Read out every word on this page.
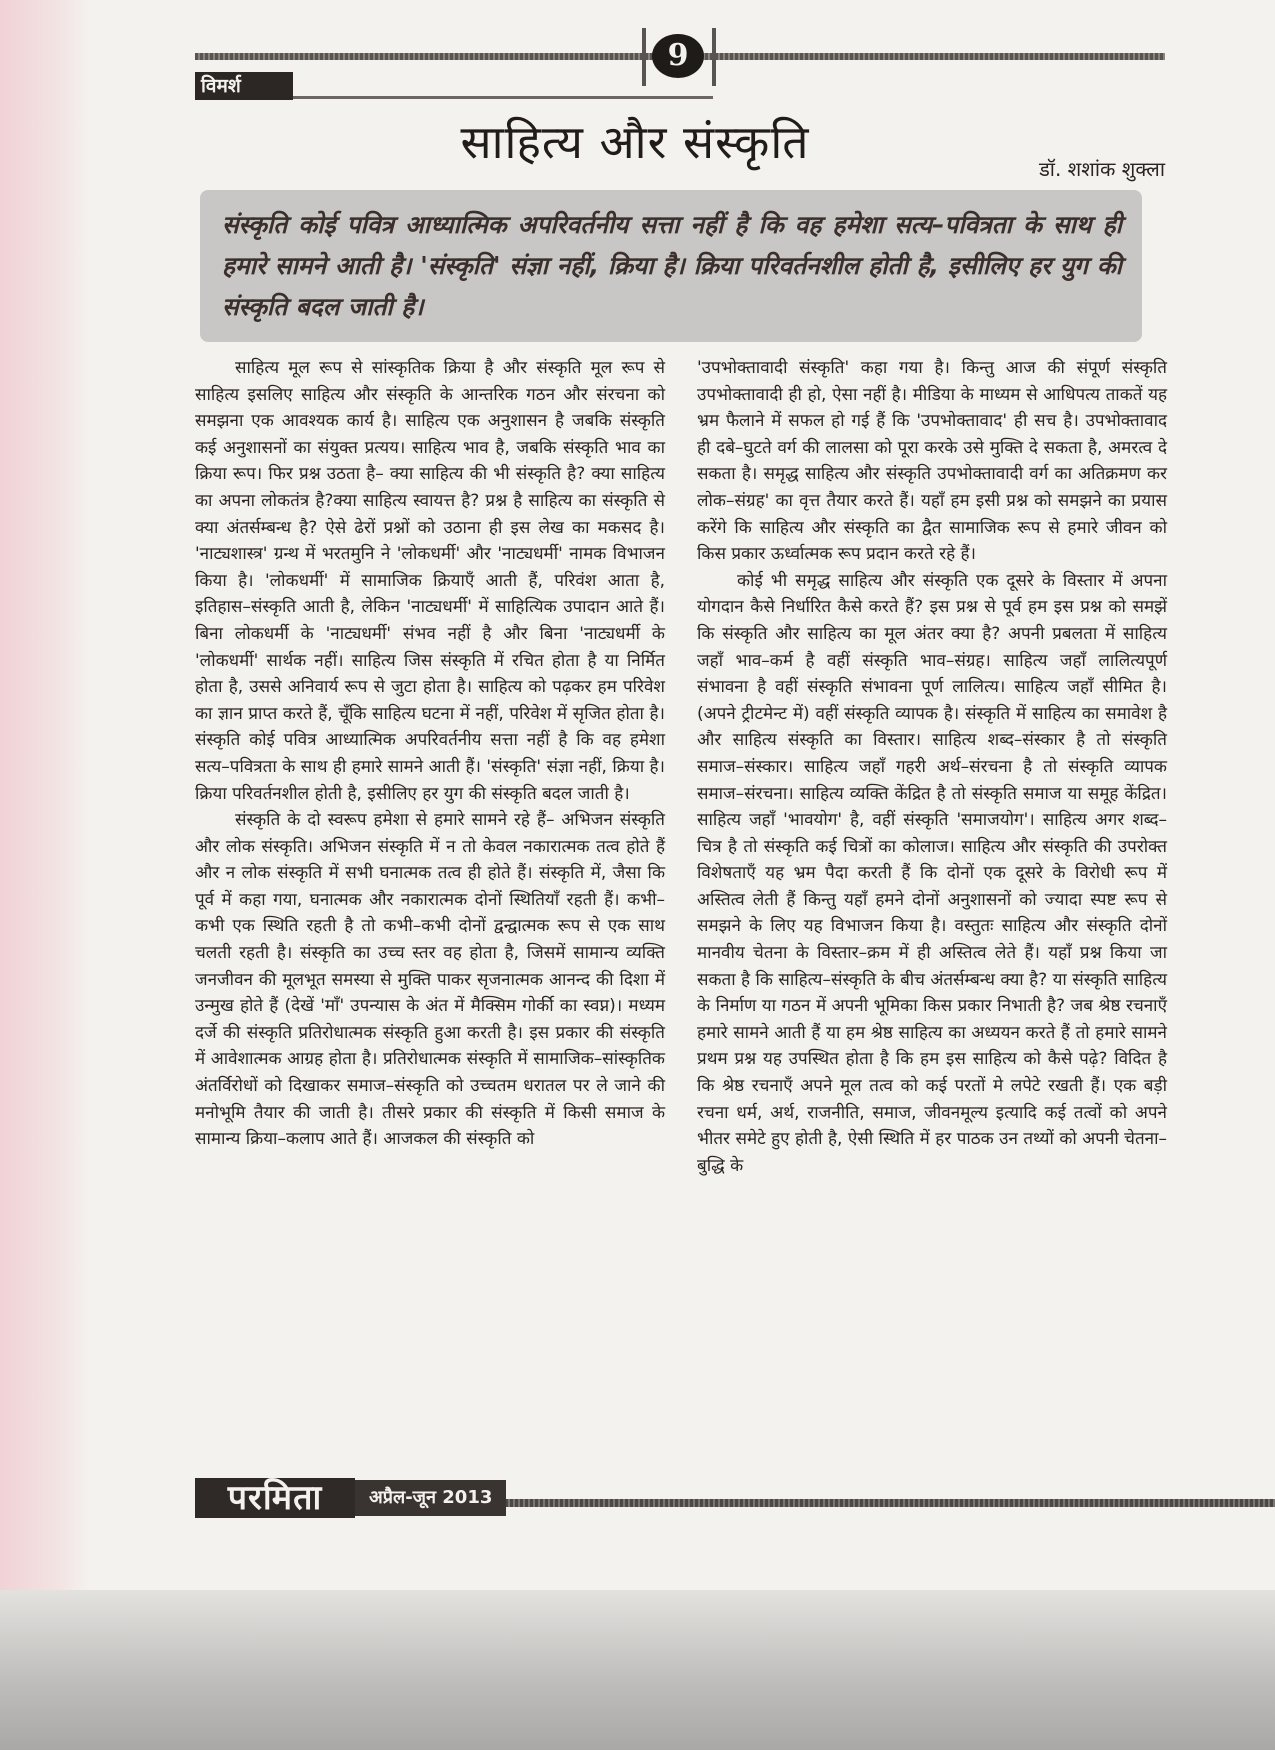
9
विमर्श
साहित्य और संस्कृति	डॉ. शशांक शुक्ला

संस्कृति कोई पवित्र आध्यात्मिक अपरिवर्तनीय सत्ता नहीं है कि वह हमेशा सत्य–पवित्रता के साथ ही हमारे सामने आती है। 'संस्कृति' संज्ञा नहीं, क्रिया है। क्रिया परिवर्तनशील होती है, इसीलिए हर युग की संस्कृति बदल जाती है।

साहित्य मूल रूप से सांस्कृतिक क्रिया है और संस्कृति मूल रूप से साहित्य इसलिए साहित्य और संस्कृति के आन्तरिक गठन और संरचना को समझना एक आवश्यक कार्य है। साहित्य एक अनुशासन है जबकि संस्कृति कई अनुशासनों का संयुक्त प्रत्यय। साहित्य भाव है, जबकि संस्कृति भाव का क्रिया रूप। फिर प्रश्न उठता है– क्या साहित्य की भी संस्कृति है? क्या साहित्य का अपना लोकतंत्र है?क्या साहित्य स्वायत्त है? प्रश्न है साहित्य का संस्कृति से क्या अंतर्सम्बन्ध है? ऐसे ढेरों प्रश्नों को उठाना ही इस लेख का मकसद है। 'नाट्यशास्त्र' ग्रन्थ में भरतमुनि ने 'लोकधर्मी' और 'नाट्यधर्मी' नामक विभाजन किया है। 'लोकधर्मी' में सामाजिक क्रियाएँ आती हैं, परिवंश आता है, इतिहास–संस्कृति आती है, लेकिन 'नाट्यधर्मी' में साहित्यिक उपादान आते हैं। बिना लोकधर्मी के 'नाट्यधर्मी' संभव नहीं है और बिना 'नाट्यधर्मी के 'लोकधर्मी' सार्थक नहीं। साहित्य जिस संस्कृति में रचित होता है या निर्मित होता है, उससे अनिवार्य रूप से जुटा होता है। साहित्य को पढ़कर हम परिवेश का ज्ञान प्राप्त करते हैं, चूँकि साहित्य घटना में नहीं, परिवेश में सृजित होता है। संस्कृति कोई पवित्र आध्यात्मिक अपरिवर्तनीय सत्ता नहीं है कि वह हमेशा सत्य–पवित्रता के साथ ही हमारे सामने आती हैं। 'संस्कृति' संज्ञा नहीं, क्रिया है। क्रिया परिवर्तनशील होती है, इसीलिए हर युग की संस्कृति बदल जाती है।

संस्कृति के दो स्वरूप हमेशा से हमारे सामने रहे हैं– अभिजन संस्कृति और लोक संस्कृति। अभिजन संस्कृति में न तो केवल नकारात्मक तत्व होते हैं और न लोक संस्कृति में सभी घनात्मक तत्व ही होते हैं। संस्कृति में, जैसा कि पूर्व में कहा गया, घनात्मक और नकारात्मक दोनों स्थितियाँ रहती हैं। कभी–कभी एक स्थिति रहती है तो कभी–कभी दोनों द्वन्द्वात्मक रूप से एक साथ चलती रहती है। संस्कृति का उच्च स्तर वह होता है, जिसमें सामान्य व्यक्ति जनजीवन की मूलभूत समस्या से मुक्ति पाकर सृजनात्मक आनन्द की दिशा में उन्मुख होते हैं (देखें 'माँ' उपन्यास के अंत में मैक्सिम गोर्की का स्वप्न)। मध्यम दर्जे की संस्कृति प्रतिरोधात्मक संस्कृति हुआ करती है। इस प्रकार की संस्कृति में आवेशात्मक आग्रह होता है। प्रतिरोधात्मक संस्कृति में सामाजिक–सांस्कृतिक अंतर्विरोधों को दिखाकर समाज–संस्कृति को उच्चतम धरातल पर ले जाने की मनोभूमि तैयार की जाती है। तीसरे प्रकार की संस्कृति में किसी समाज के सामान्य क्रिया–कलाप आते हैं। आजकल की संस्कृति को

'उपभोक्तावादी संस्कृति' कहा गया है। किन्तु आज की संपूर्ण संस्कृति उपभोक्तावादी ही हो, ऐसा नहीं है। मीडिया के माध्यम से आधिपत्य ताकतें यह भ्रम फैलाने में सफल हो गई हैं कि 'उपभोक्तावाद' ही सच है। उपभोक्तावाद ही दबे–घुटते वर्ग की लालसा को पूरा करके उसे मुक्ति दे सकता है, अमरत्व दे सकता है। समृद्ध साहित्य और संस्कृति उपभोक्तावादी वर्ग का अतिक्रमण कर लोक–संग्रह' का वृत्त तैयार करते हैं। यहाँ हम इसी प्रश्न को समझने का प्रयास करेंगे कि साहित्य और संस्कृति का द्वैत सामाजिक रूप से हमारे जीवन को किस प्रकार ऊर्ध्वात्मक रूप प्रदान करते रहे हैं।

कोई भी समृद्ध साहित्य और संस्कृति एक दूसरे के विस्तार में अपना योगदान कैसे निर्धारित कैसे करते हैं? इस प्रश्न से पूर्व हम इस प्रश्न को समझें कि संस्कृति और साहित्य का मूल अंतर क्या है? अपनी प्रबलता में साहित्य जहाँ भाव–कर्म है वहीं संस्कृति भाव–संग्रह। साहित्य जहाँ लालित्यपूर्ण संभावना है वहीं संस्कृति संभावना पूर्ण लालित्य। साहित्य जहाँ सीमित है। (अपने ट्रीटमेन्ट में) वहीं संस्कृति व्यापक है। संस्कृति में साहित्य का समावेश है और साहित्य संस्कृति का विस्तार। साहित्य शब्द–संस्कार है तो संस्कृति समाज–संस्कार। साहित्य जहाँ गहरी अर्थ–संरचना है तो संस्कृति व्यापक समाज–संरचना। साहित्य व्यक्ति केंद्रित है तो संस्कृति समाज या समूह केंद्रित। साहित्य जहाँ 'भावयोग' है, वहीं संस्कृति 'समाजयोग'। साहित्य अगर शब्द–चित्र है तो संस्कृति कई चित्रों का कोलाज। साहित्य और संस्कृति की उपरोक्त विशेषताएँ यह भ्रम पैदा करती हैं कि दोनों एक दूसरे के विरोधी रूप में अस्तित्व लेती हैं किन्तु यहाँ हमने दोनों अनुशासनों को ज्यादा स्पष्ट रूप से समझने के लिए यह विभाजन किया है। वस्तुतः साहित्य और संस्कृति दोनों मानवीय चेतना के विस्तार–क्रम में ही अस्तित्व लेते हैं। यहाँ प्रश्न किया जा सकता है कि साहित्य–संस्कृति के बीच अंतर्सम्बन्ध क्या है? या संस्कृति साहित्य के निर्माण या गठन में अपनी भूमिका किस प्रकार निभाती है? जब श्रेष्ठ रचनाएँ हमारे सामने आती हैं या हम श्रेष्ठ साहित्य का अध्ययन करते हैं तो हमारे सामने प्रथम प्रश्न यह उपस्थित होता है कि हम इस साहित्य को कैसे पढ़े? विदित है कि श्रेष्ठ रचनाएँ अपने मूल तत्व को कई परतों मे लपेटे रखती हैं। एक बड़ी रचना धर्म, अर्थ, राजनीति, समाज, जीवनमूल्य इत्यादि कई तत्वों को अपने भीतर समेटे हुए होती है, ऐसी स्थिति में हर पाठक उन तथ्यों को अपनी चेतना–बुद्धि के

परमिता	अप्रैल-जून 2013
